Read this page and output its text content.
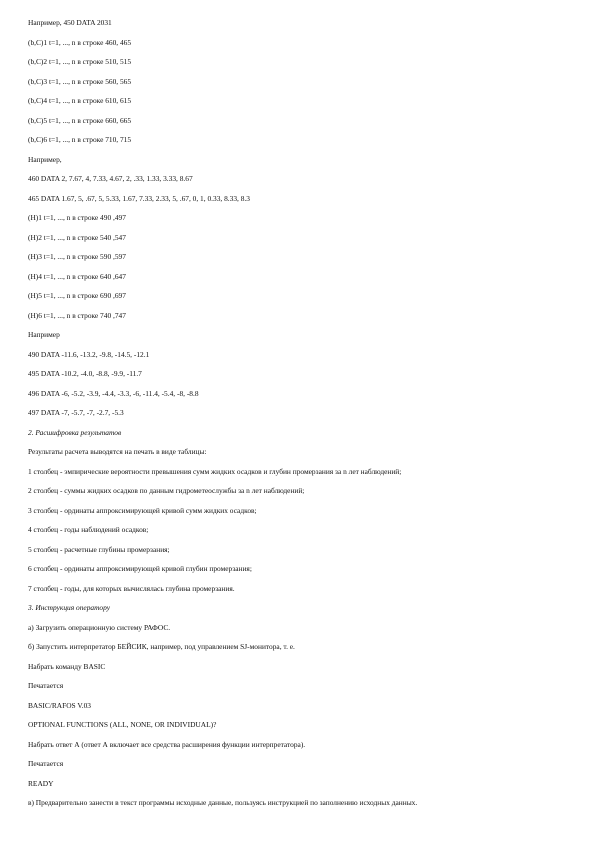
Например, 450 DATA 2031
(b,C)1 t=1, ..., n в строке 460, 465
(b,C)2 t=1, ..., n в строке 510, 515
(b,C)3 t=1, ..., n в строке 560, 565
(b,C)4 t=1, ..., n в строке 610, 615
(b,C)5 t=1, ..., n в строке 660, 665
(b,C)6 t=1, ..., n в строке 710, 715
Например,
460 DATA 2, 7.67, 4, 7.33, 4.67, 2, .33, 1.33, 3.33, 8.67
465 DATA 1.67, 5, .67, 5, 5.33, 1.67, 7.33, 2.33, 5, .67, 0, 1, 0.33, 8.33, 8.3
(Н)1 t=1, ..., n в строке 490 ,497
(Н)2 t=1, ..., n в строке 540 ,547
(Н)3 t=1, ..., n в строке 590 ,597
(Н)4 t=1, ..., n в строке 640 ,647
(Н)5 t=1, ..., n в строке 690 ,697
(Н)6 t=1, ..., n в строке 740 ,747
Например
490 DATA -11.6, -13.2, -9.8, -14.5, -12.1
495 DATA -10.2, -4.0, -8.8, -9.9, -11.7
496 DATA -6, -5.2, -3.9, -4.4, -3.3, -6, -11.4, -5.4, -8, -8.8
497 DATA -7, -5.7, -7, -2.7, -5.3
2. Расшифровка результатов
Результаты расчета выводятся на печать в виде таблицы:
1 столбец - эмпирические вероятности превышения сумм жидких осадков и глубин промерзания за n лет наблюдений;
2 столбец - суммы жидких осадков по данным гидрометеослужбы за n лет наблюдений;
3 столбец - ординаты аппроксимирующей кривой сумм жидких осадков;
4 столбец - годы наблюдений осадков;
5 столбец - расчетные глубины промерзания;
6 столбец - ординаты аппроксимирующей кривой глубин промерзания;
7 столбец - годы, для которых вычислялась глубина промерзания.
3. Инструкция оператору
а) Загрузить операционную систему РАФОС.
б) Запустить интерпретатор БЕЙСИК, например, под управлением SJ-монитора, т. е.
Набрать команду BASIC
Печатается
BASIC/RAFOS V.03
OPTIONAL FUNCTIONS (ALL, NONE, OR INDIVIDUAL)?
Набрать ответ А (ответ А включает все средства расширения функции интерпретатора).
Печатается
READY
в) Предварительно занести в текст программы исходные данные, пользуясь инструкцией по заполнению исходных данных.
